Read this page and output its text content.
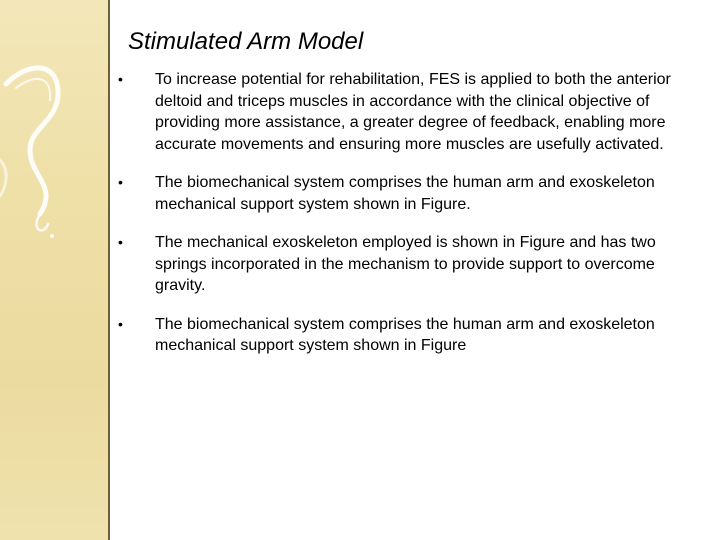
Stimulated Arm Model
•	To increase potential for rehabilitation, FES is applied to both the anterior deltoid and triceps muscles in accordance with the clinical objective of providing more assistance, a greater degree of feedback, enabling more accurate movements and ensuring more muscles are usefully activated.
•	The biomechanical system comprises the human arm and exoskeleton mechanical support system shown in Figure.
•	The mechanical exoskeleton employed is shown in Figure and has two springs incorporated in the mechanism to provide support to overcome gravity.
•	The biomechanical system comprises the human arm and exoskeleton mechanical support system shown in Figure
